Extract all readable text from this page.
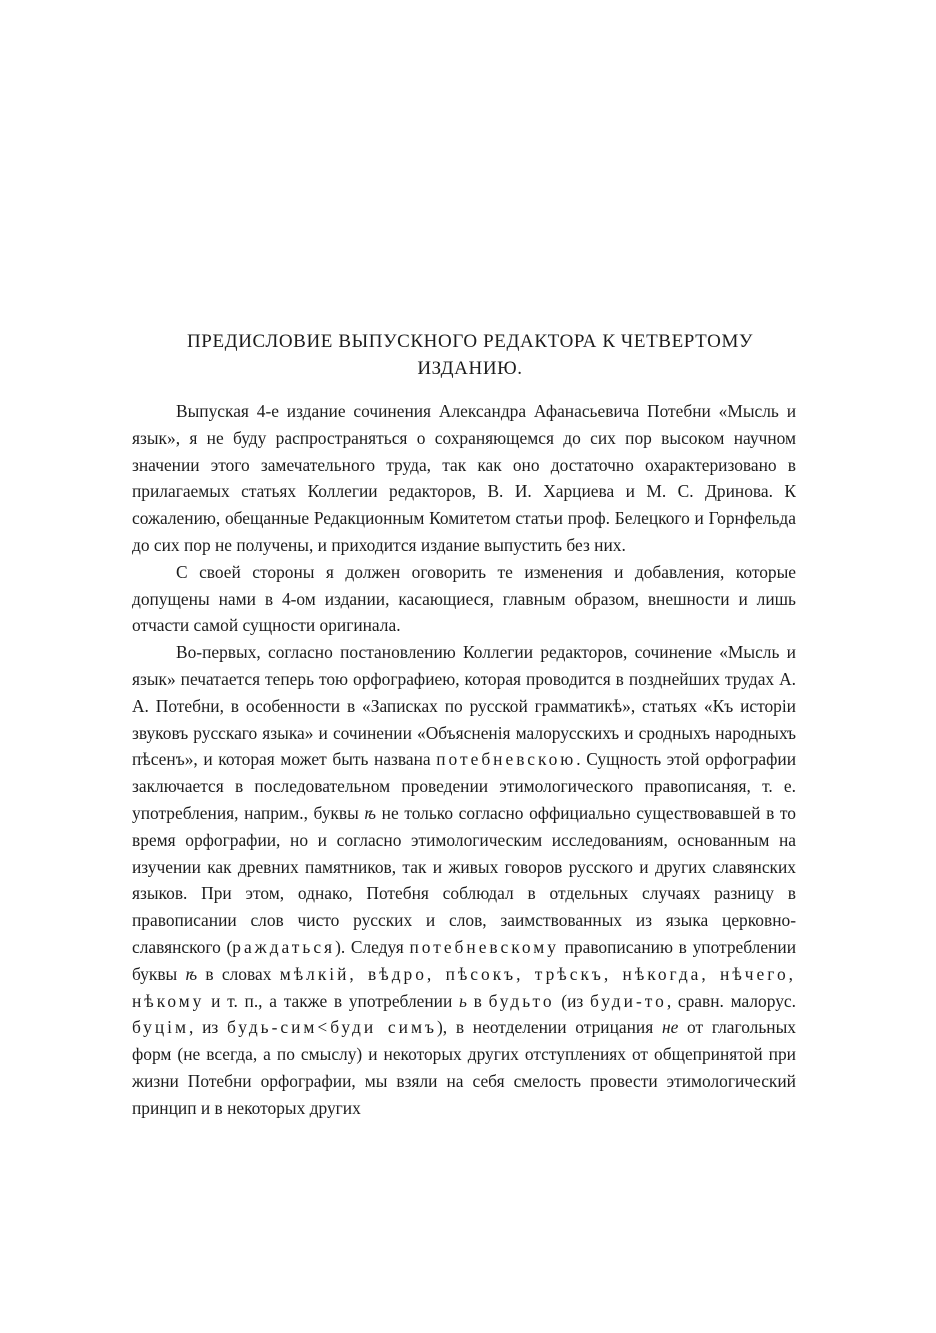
ПРЕДИСЛОВИЕ ВЫПУСКНОГО РЕДАКТОРА К ЧЕТВЕРТОМУ
ИЗДАНИЮ.

Выпуская 4-е издание сочинения Александра Афанасьевича Потебни «Мысль и язык», я не буду распространяться о сохраняющемся до сих пор высоком научном значении этого замечательного труда, так как оно достаточно охарактеризовано в прилагаемых статьях Коллегии редакторов, В. И. Харциева и М. С. Дринова. К сожалению, обещанные Редакционным Комитетом статьи проф. Белецкого и Горнфельда до сих пор не получены, и приходится издание выпустить без них.

С своей стороны я должен оговорить те изменения и добавления, которые допущены нами в 4-ом издании, касающиеся, главным образом, внешности и лишь отчасти самой сущности оригинала.

Во-первых, согласно постановлению Коллегии редакторов, сочинение «Мысль и язык» печатается теперь тою орфографиею, которая проводится в позднейших трудах А. А. Потебни, в особенности в «Записках по русской грамматикѣ», статьях «Къ исторіи звуковъ русскаго языка» и сочинении «Объясненія малорусскихъ и сродныхъ народныхъ пѣсенъ», и которая может быть названа потебневскою. Сущность этой орфографии заключается в последовательном проведении этимологического правописаняя, т. е. употребления, наприм., буквы ѣ не только согласно оффициально существовавшей в то время орфографии, но и согласно этимологическим исследованиям, основанным на изучении как древних памятников, так и живых говоров русского и других славянских языков. При этом, однако, Потебня соблюдал в отдельных случаях разницу в правописании слов чисто русских и слов, заимствованных из языка церковно-славянского (раждаться). Следуя потебневскому правописанию в употреблении буквы ѣ в словах мѣлкій, вѣдро, пѣсокъ, трѣскъ, нѣкогда, нѣчего, нѣкому и т. п., а также в употреблении ь в будьто (из буди-то, сравн. малорус. буцім, из будь-сим<буди симъ), в неотделении отрицания не от глагольных форм (не всегда, а по смыслу) и некоторых других отступлениях от общепринятой при жизни Потебни орфографии, мы взяли на себя смелость провести этимологический принцип и в некоторых других
